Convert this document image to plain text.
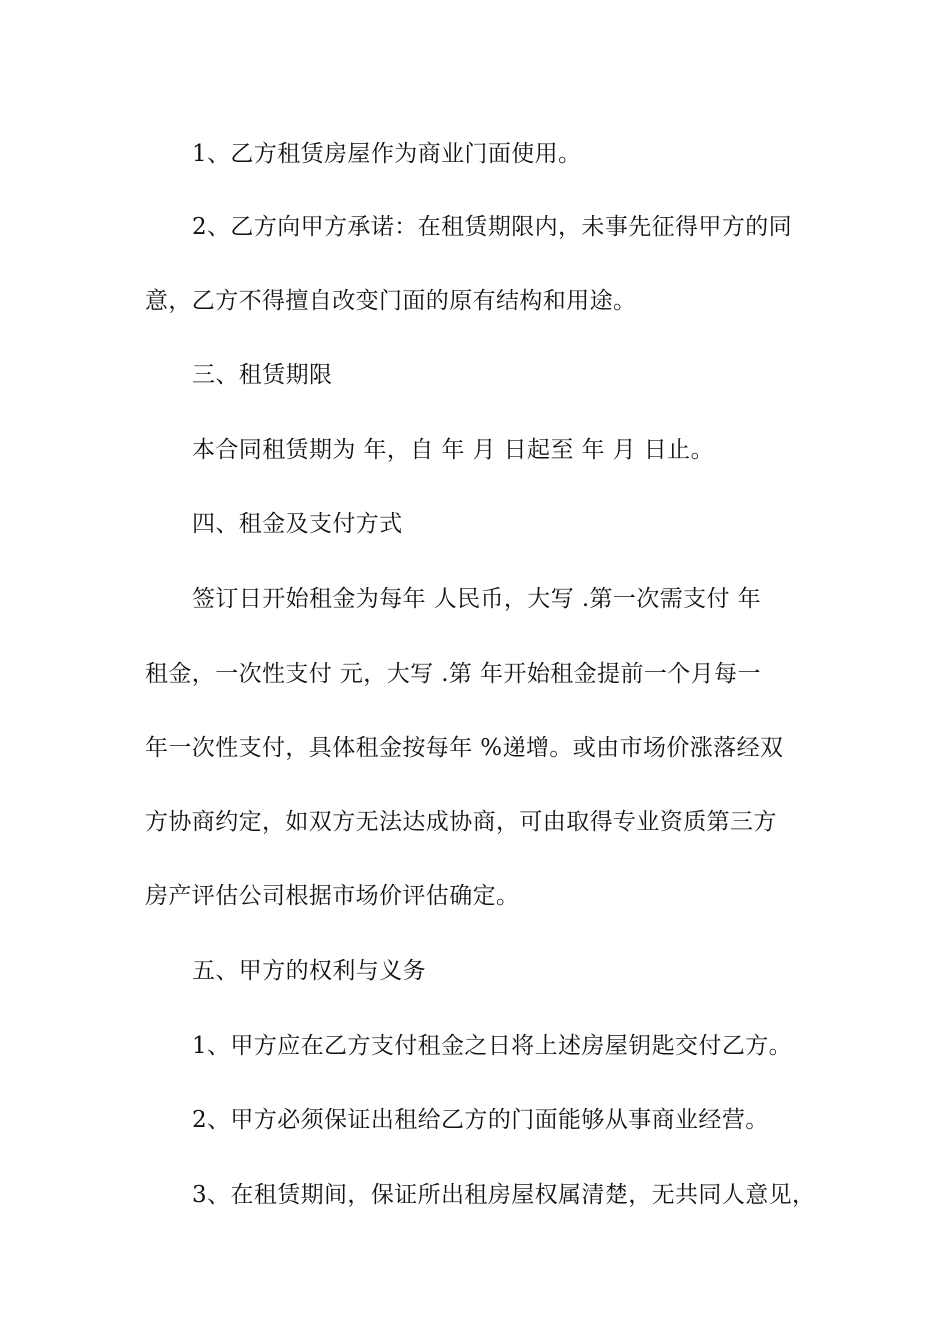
1、乙方租赁房屋作为商业门面使用。
2、乙方向甲方承诺：在租赁期限内，未事先征得甲方的同
意，乙方不得擅自改变门面的原有结构和用途。
三、租赁期限
本合同租赁期为 年，自 年 月 日起至 年 月 日止。
四、租金及支付方式
签订日开始租金为每年 人民币，大写 .第一次需支付 年
租金，一次性支付 元，大写 .第 年开始租金提前一个月每一
年一次性支付，具体租金按每年 %递增。或由市场价涨落经双
方协商约定，如双方无法达成协商，可由取得专业资质第三方
房产评估公司根据市场价评估确定。
五、甲方的权利与义务
1、甲方应在乙方支付租金之日将上述房屋钥匙交付乙方。
2、甲方必须保证出租给乙方的门面能够从事商业经营。
3、在租赁期间，保证所出租房屋权属清楚，无共同人意见，
